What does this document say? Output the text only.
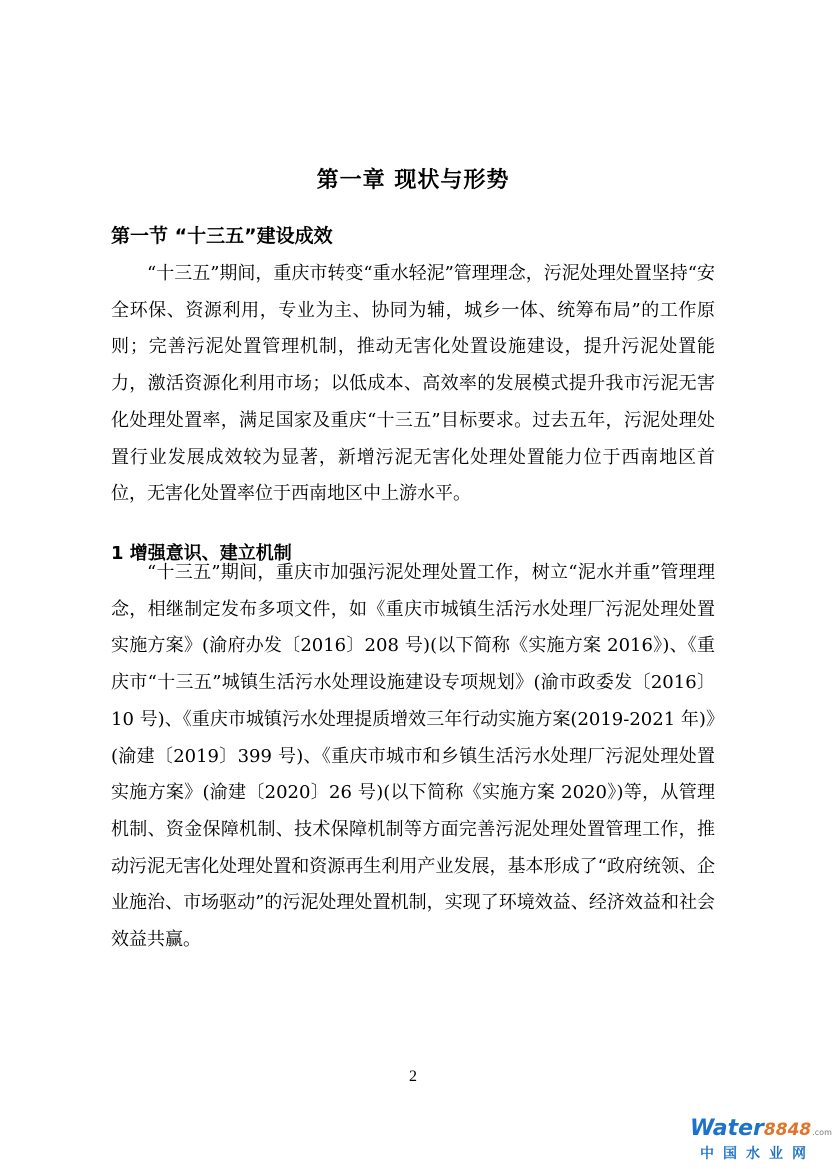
第一章 现状与形势
第一节 “十三五”建设成效

“十三五”期间，重庆市转变“重水轻泥”管理理念，污泥处理处置坚持“安全环保、资源利用，专业为主、协同为辅，城乡一体、统筹布局”的工作原则；完善污泥处置管理机制，推动无害化处置设施建设，提升污泥处置能力，激活资源化利用市场；以低成本、高效率的发展模式提升我市污泥无害化处理处置率，满足国家及重庆“十三五”目标要求。过去五年，污泥处理处置行业发展成效较为显著，新增污泥无害化处理处置能力位于西南地区首位，无害化处置率位于西南地区中上游水平。

1 增强意识、建立机制

“十三五”期间，重庆市加强污泥处理处置工作，树立“泥水并重”管理理念，相继制定发布多项文件，如《重庆市城镇生活污水处理厂污泥处理处置实施方案》(渝府办发〔2016〕208 号)(以下简称《实施方案 2016》)、《重庆市“十三五”城镇生活污水处理设施建设专项规划》(渝市政委发〔2016〕10 号)、《重庆市城镇污水处理提质增效三年行动实施方案(2019-2021 年)》(渝建〔2019〕399 号)、《重庆市城市和乡镇生活污水处理厂污泥处理处置实施方案》(渝建〔2020〕26 号)(以下简称《实施方案 2020》)等，从管理机制、资金保障机制、技术保障机制等方面完善污泥处理处置管理工作，推动污泥无害化处理处置和资源再生利用产业发展，基本形成了“政府统领、企业施治、市场驱动”的污泥处理处置机制，实现了环境效益、经济效益和社会效益共赢。

2
Water8848.com
中国水业网
